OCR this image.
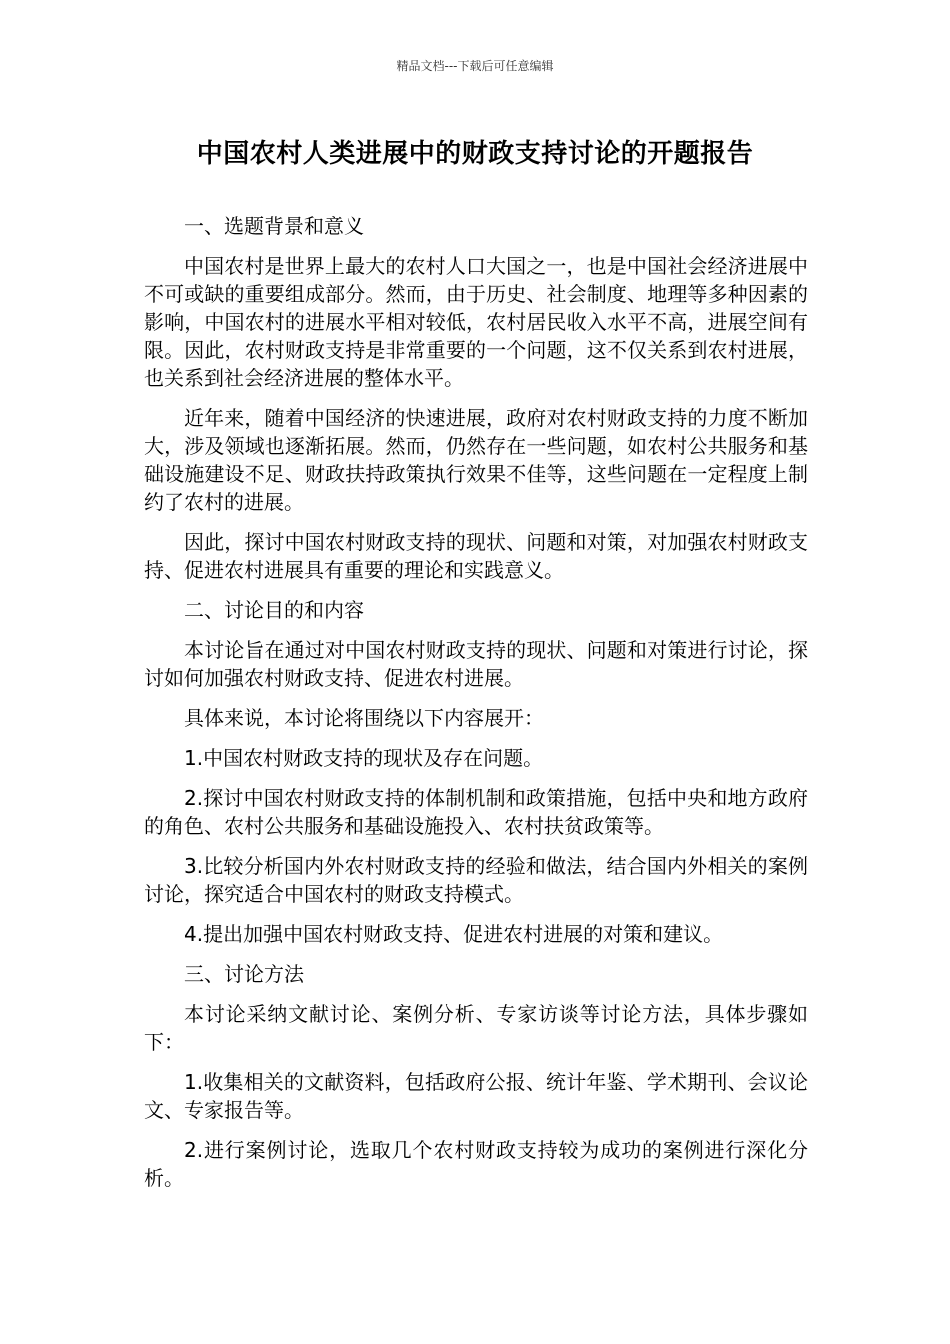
精品文档---下载后可任意编辑
中国农村人类进展中的财政支持讨论的开题报告

一、选题背景和意义

中国农村是世界上最大的农村人口大国之一，也是中国社会经济进展中不可或缺的重要组成部分。然而，由于历史、社会制度、地理等多种因素的影响，中国农村的进展水平相对较低，农村居民收入水平不高，进展空间有限。因此，农村财政支持是非常重要的一个问题，这不仅关系到农村进展，也关系到社会经济进展的整体水平。

近年来，随着中国经济的快速进展，政府对农村财政支持的力度不断加大，涉及领域也逐渐拓展。然而，仍然存在一些问题，如农村公共服务和基础设施建设不足、财政扶持政策执行效果不佳等，这些问题在一定程度上制约了农村的进展。

因此，探讨中国农村财政支持的现状、问题和对策，对加强农村财政支持、促进农村进展具有重要的理论和实践意义。

二、讨论目的和内容

本讨论旨在通过对中国农村财政支持的现状、问题和对策进行讨论，探讨如何加强农村财政支持、促进农村进展。

具体来说，本讨论将围绕以下内容展开：

1.中国农村财政支持的现状及存在问题。

2.探讨中国农村财政支持的体制机制和政策措施，包括中央和地方政府的角色、农村公共服务和基础设施投入、农村扶贫政策等。

3.比较分析国内外农村财政支持的经验和做法，结合国内外相关的案例讨论，探究适合中国农村的财政支持模式。

4.提出加强中国农村财政支持、促进农村进展的对策和建议。

三、讨论方法

本讨论采纳文献讨论、案例分析、专家访谈等讨论方法，具体步骤如下：

1.收集相关的文献资料，包括政府公报、统计年鉴、学术期刊、会议论文、专家报告等。

2.进行案例讨论，选取几个农村财政支持较为成功的案例进行深化分析。
